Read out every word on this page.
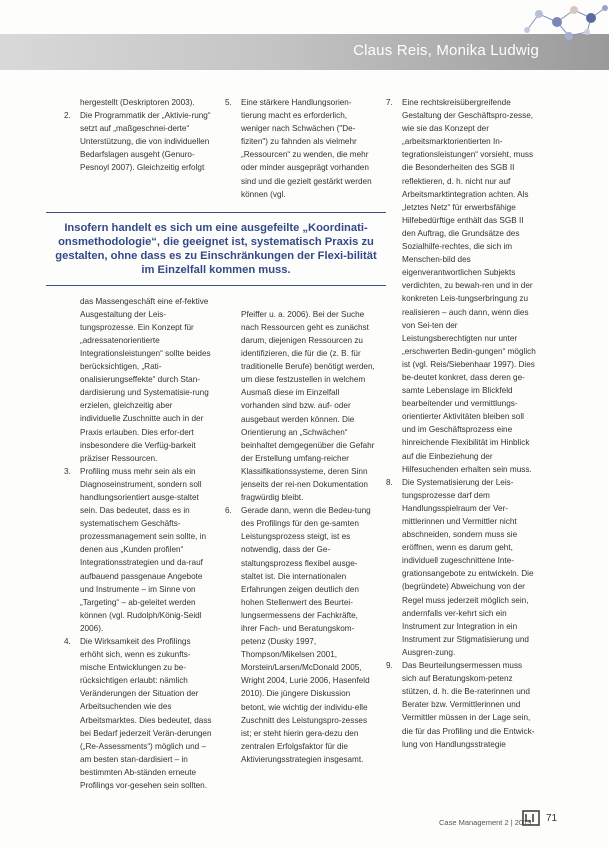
Claus Reis, Monika Ludwig

hergestellt (Deskriptoren 2003).

2. Die Programmatik der „Aktivie-rung“ setzt auf „maßgeschnei-derte“ Unterstützung, die von individuellen Bedarfslagen ausgeht (Genuro-Pesnoyl 2007). Gleichzeitig erfolgt

das Massengeschäft eine ef-fektive Ausgestaltung der Leis-tungsprozesse. Ein Konzept für „adressatenorientierte Integrationsleistungen“ sollte beides berücksichtigen, „Rati-onalisierungseffekte“ durch Stan-dardisierung und Systematisie-rung erzielen, gleichzeitig aber individuelle Zuschnitte auch in der Praxis erlauben. Dies erfor-dert insbesondere die Verfüg-barkeit präziser Ressourcen.

3. Profiling muss mehr sein als ein Diagnoseinstrument, sondern soll handlungsorientiert ausge-staltet sein. Das bedeutet, dass es in systematischem Geschäfts-prozessmanagement sein sollte, in denen aus „Kunden profilen“ Integrationsstrategien und da-rauf aufbauend passgenaue Angebote und Instrumente – im Sinne von „Targeting“ – ab-geleitet werden können (vgl. Rudolph/König-Seidl 2006).

4. Die Wirksamkeit des Profilings erhöht sich, wenn es zukunfts-mische Entwicklungen zu be-rücksichtigen erlaubt: nämlich Veränderungen der Situation der Arbeitsuchenden wie des Arbeitsmarktes. Dies bedeutet, dass bei Bedarf jederzeit Verän-derungen („Re-Assessments“) möglich und – am besten stan-dardisiert – in bestimmten Ab-ständen erneute Profilings vor-gesehen sein sollten.

5. Eine stärkere Handlungsorien-tierung macht es erforderlich, weniger nach Schwächen ("De-fiziten") zu fahnden als vielmehr „Ressourcen“ zu wenden, die mehr oder minder ausgeprägt vorhanden sind und die gezielt gestärkt werden können (vgl.

Pfeiffer u. a. 2006). Bei der Suche nach Ressourcen geht es zunächst darum, diejenigen Ressourcen zu identifizieren, die für die (z. B. für traditionelle Berufe) benötigt werden, um diese festzustellen in welchem Ausmaß diese im Einzelfall vorhanden sind bzw. auf- oder ausgebaut werden können. Die Orientierung an „Schwächen“ beinhaltet demgegenüber die Gefahr der Erstellung umfang-reicher Klassifikationssysteme, deren Sinn jenseits der rei-nen Dokumentation fragwürdig bleibt.

6. Gerade dann, wenn die Bedeu-tung des Profilings für den ge-samten Leistungsprozess steigt, ist es notwendig, dass der Ge-staltungsprozess flexibel ausge-staltet ist. Die internationalen Erfahrungen zeigen deutlich den hohen Stellenwert des Beurtei-lungsermessens der Fachkräfte, ihrer Fach- und Beratungskom-petenz (Dusky 1997, Thompson/Mikelsen 2001, Morstein/Larsen/McDonald 2005, Wright 2004, Lurie 2006, Hasenfeld 2010). Die jüngere Diskussion betont, wie wichtig der individu-elle Zuschnitt des Leistungspro-zesses ist; er steht hierin gera-dezu den zentralen Erfolgsfaktor für die Aktivierungsstrategien insgesamt.

7. Eine rechtskreisübergreifende Gestaltung der Geschäftspro-zesse, wie sie das Konzept der „arbeitsmarktorientierten In-tegrationsleistungen“ vorsieht, muss die Besonderheiten des SGB II reflektieren, d. h. nicht nur auf Arbeitsmarktintegration achten. Als „letztes Netz“ für erwerbsfähige Hilfebedürftige enthält das SGB II den Auftrag, die Grundsätze des Sozialhilfe-rechtes, die sich im Menschen-bild des eigenverantwortlichen Subjekts verdichten, zu bewah-ren und in der konkreten Leis-tungserbringung zu realisieren – auch dann, wenn dies von Sei-ten der Leistungsberechtigten nur unter „erschwerten Bedin-gungen“ möglich ist (vgl. Reis/Siebenhaar 1997). Dies be-deutet konkret, dass deren ge-samte Lebenslage im Blickfeld bearbeitender und vermittlungs-orientierter Aktivitäten bleiben soll und im Geschäftsprozess eine hinreichende Flexibilität im Hinblick auf die Einbeziehung der Hilfesuchenden erhalten sein muss.

8. Die Systematisierung der Leis-tungsprozesse darf dem Handlungsspielraum der Ver-mittlerinnen und Vermittler nicht abschneiden, sondern muss sie eröffnen, wenn es darum geht, individuell zugeschnittene Inte-grationsangebote zu entwickeln. Die (begründete) Abweichung von der Regel muss jederzeit möglich sein, andernfalls ver-kehrt sich ein Instrument zur Integration in ein Instrument zur Stigmatisierung und Ausgren-zung.

9. Das Beurteilungsermessen muss sich auf Beratungskom-petenz stützen, d. h. die Be-raterinnen und Berater bzw. Vermittlerinnen und Vermittler müssen in der Lage sein, die für das Profiling und die Entwick-lung von Handlungsstrategie

Insofern handelt es sich um eine ausgefeilte „Koordinati-onsmethodologie“, die geeignet ist, systematisch Praxis zu gestalten, ohne dass es zu Einschränkungen der Flexi-bilität im Einzelfall kommen muss.

Case Management 2 | 2013 71
